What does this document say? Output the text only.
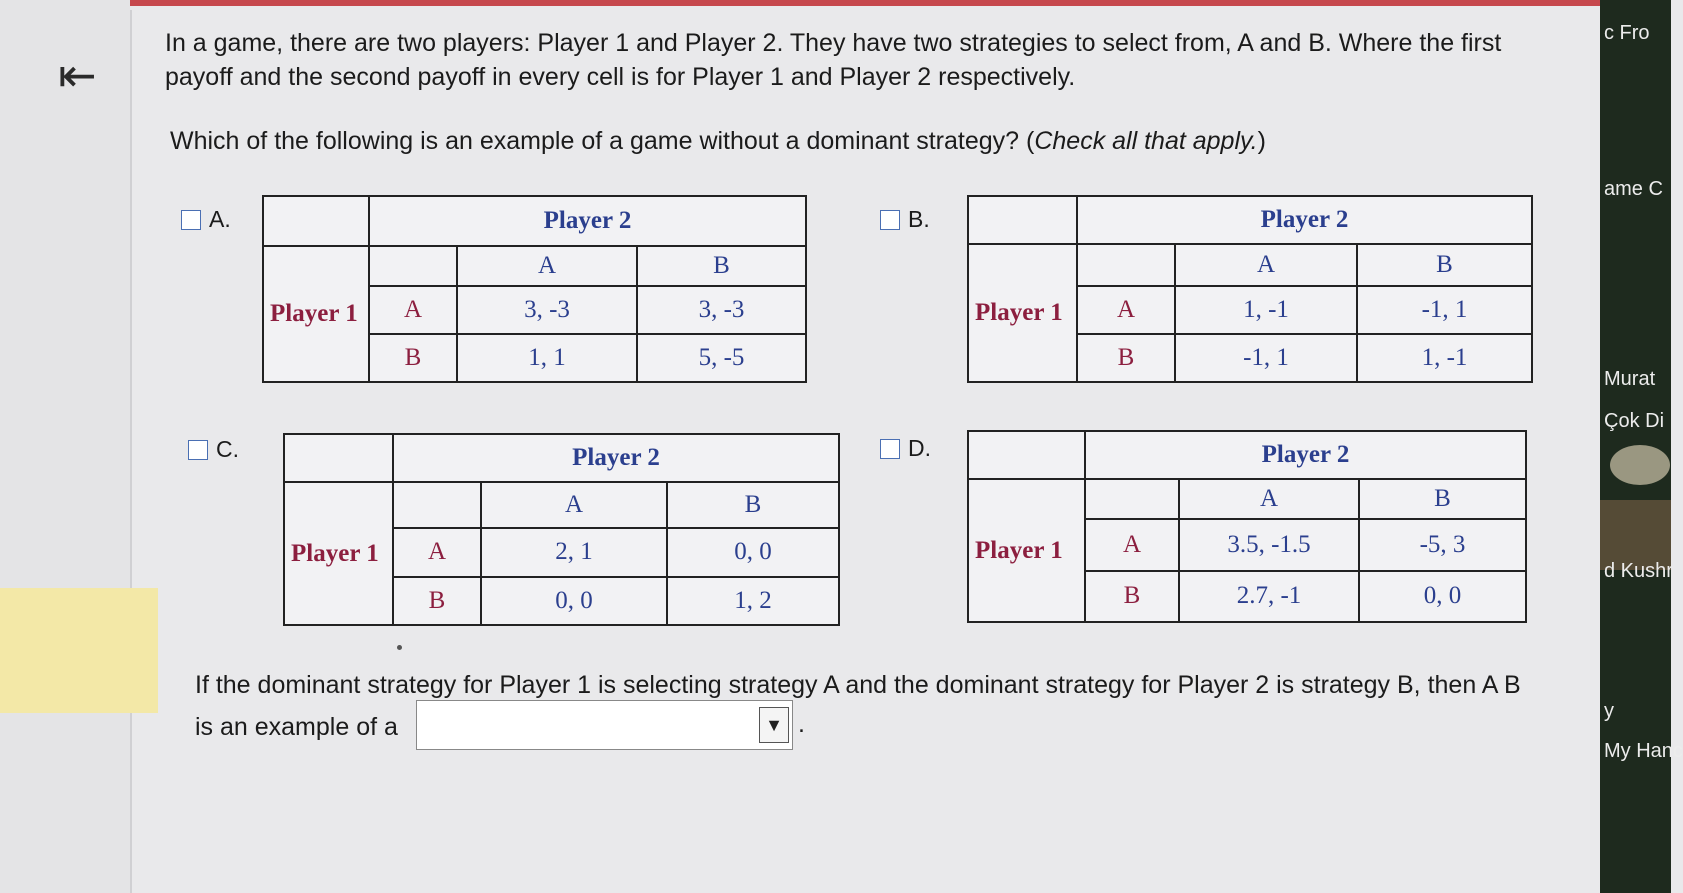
⇤
In a game, there are two players: Player 1 and Player 2. They have two strategies to select from, A and B. Where the first payoff and the second payoff in every cell is for Player 1 and Player 2 respectively.
Which of the following is an example of a game without a dominant strategy? (Check all that apply.)
A.
		Player 2		
Player 1		A	B
	A	3, -3	3, -3
	B	1, 1	5, -5
B.
		Player 2		
Player 1		A	B
	A	1, -1	-1, 1
	B	-1, 1	1, -1
C.
		Player 2		
Player 1		A	B
	A	2, 1	0, 0
	B	0, 0	1, 2
D.
		Player 2		
Player 1		A	B
	A	3.5, -1.5	-5, 3
	B	2.7, -1	0, 0
If the dominant strategy for Player 1 is selecting strategy A and the dominant strategy for Player 2 is strategy B, then A B
is an example of a	▼ .
c Fro
ame C
Murat
Çok Di
d Kushr
y
My Hanc
